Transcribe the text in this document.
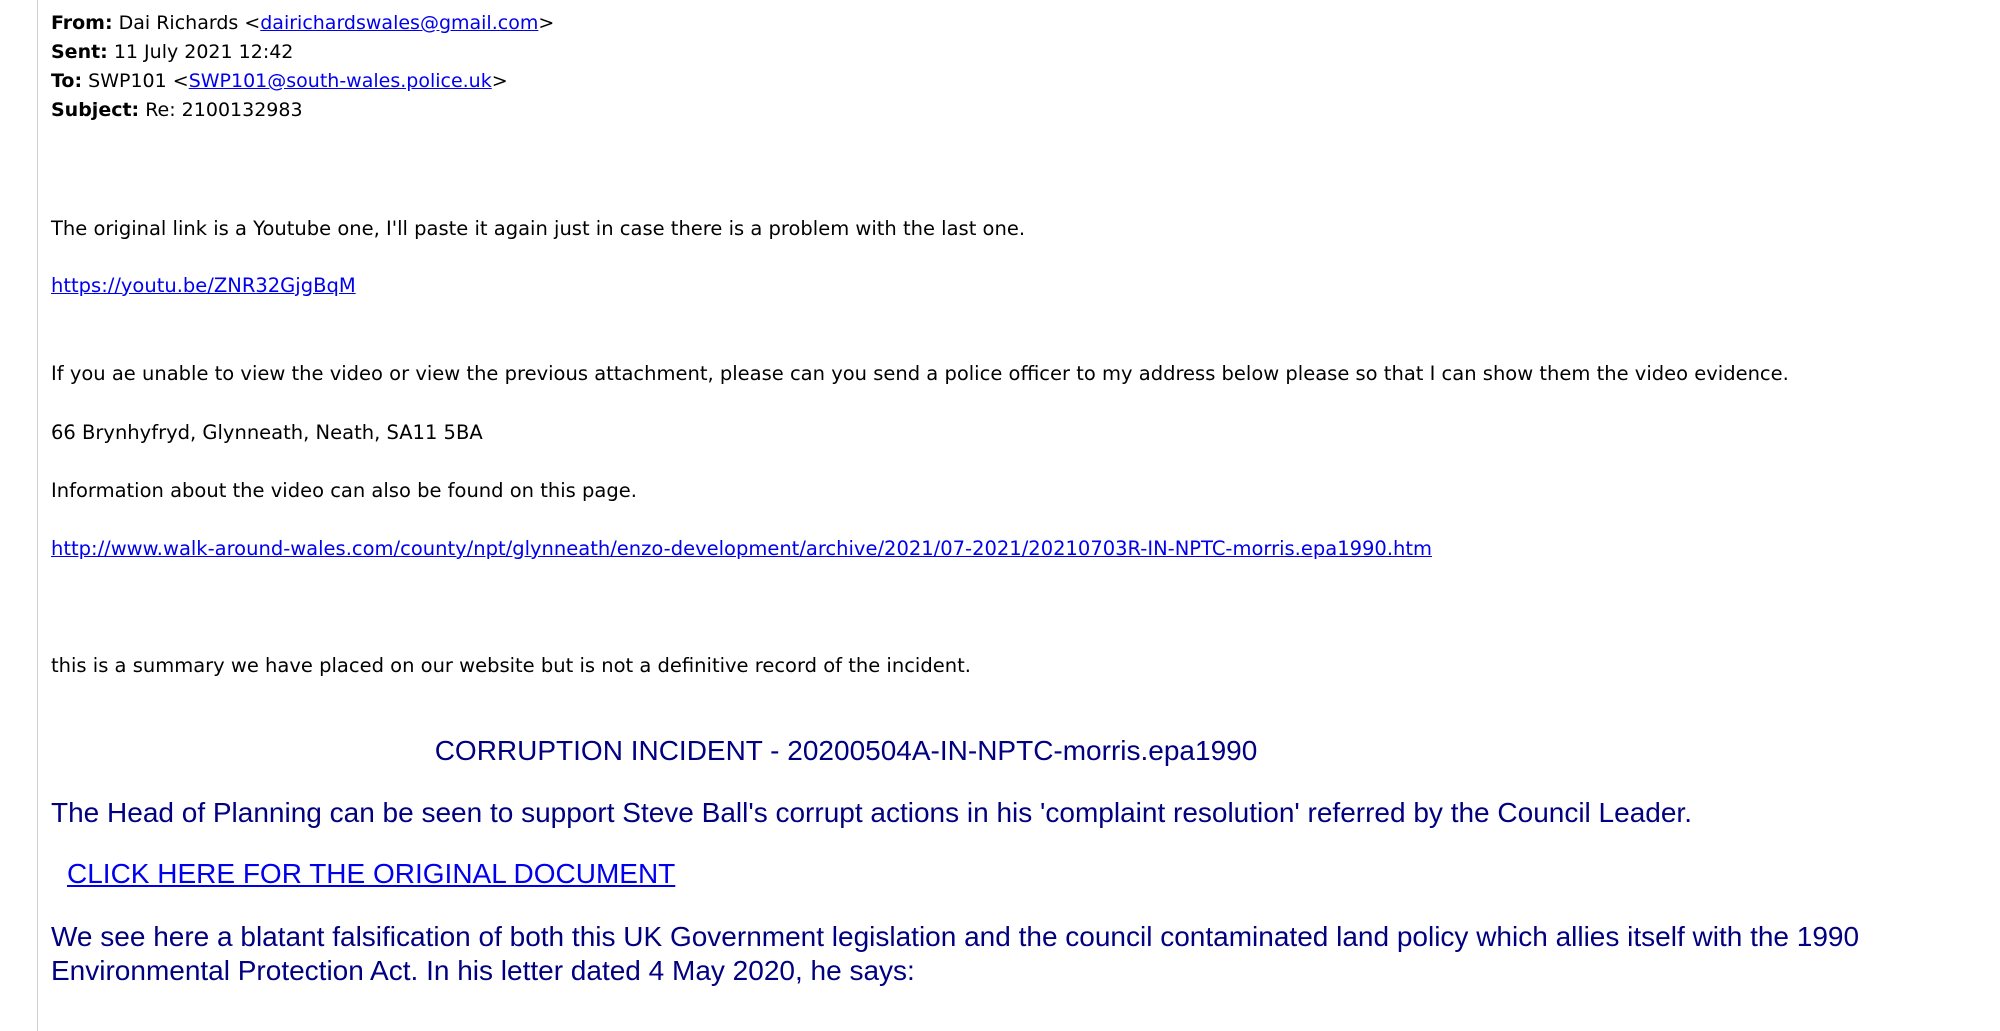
From: Dai Richards <dairichardswales@gmail.com>
Sent: 11 July 2021 12:42
To: SWP101 <SWP101@south-wales.police.uk>
Subject: Re: 2100132983
The original link is a Youtube one, I'll paste it again just in case there is a problem with the last one.
https://youtu.be/ZNR32GjgBqM
If you ae unable to view the video or view the previous attachment, please can you send a police officer to my address below please so that I can show them the video evidence.
66 Brynhyfryd, Glynneath, Neath, SA11 5BA
Information about the video can also be found on this page.
http://www.walk-around-wales.com/county/npt/glynneath/enzo-development/archive/2021/07-2021/20210703R-IN-NPTC-morris.epa1990.htm
this is a summary we have placed on our website but is not a definitive record of the incident.
CORRUPTION INCIDENT - 20200504A-IN-NPTC-morris.epa1990
The Head of Planning can be seen to support Steve Ball's corrupt actions in his 'complaint resolution' referred by the Council Leader.
CLICK HERE FOR THE ORIGINAL DOCUMENT
We see here a blatant falsification of both this UK Government legislation and the council contaminated land policy which allies itself with the 1990 Environmental Protection Act. In his letter dated 4 May 2020, he says:
